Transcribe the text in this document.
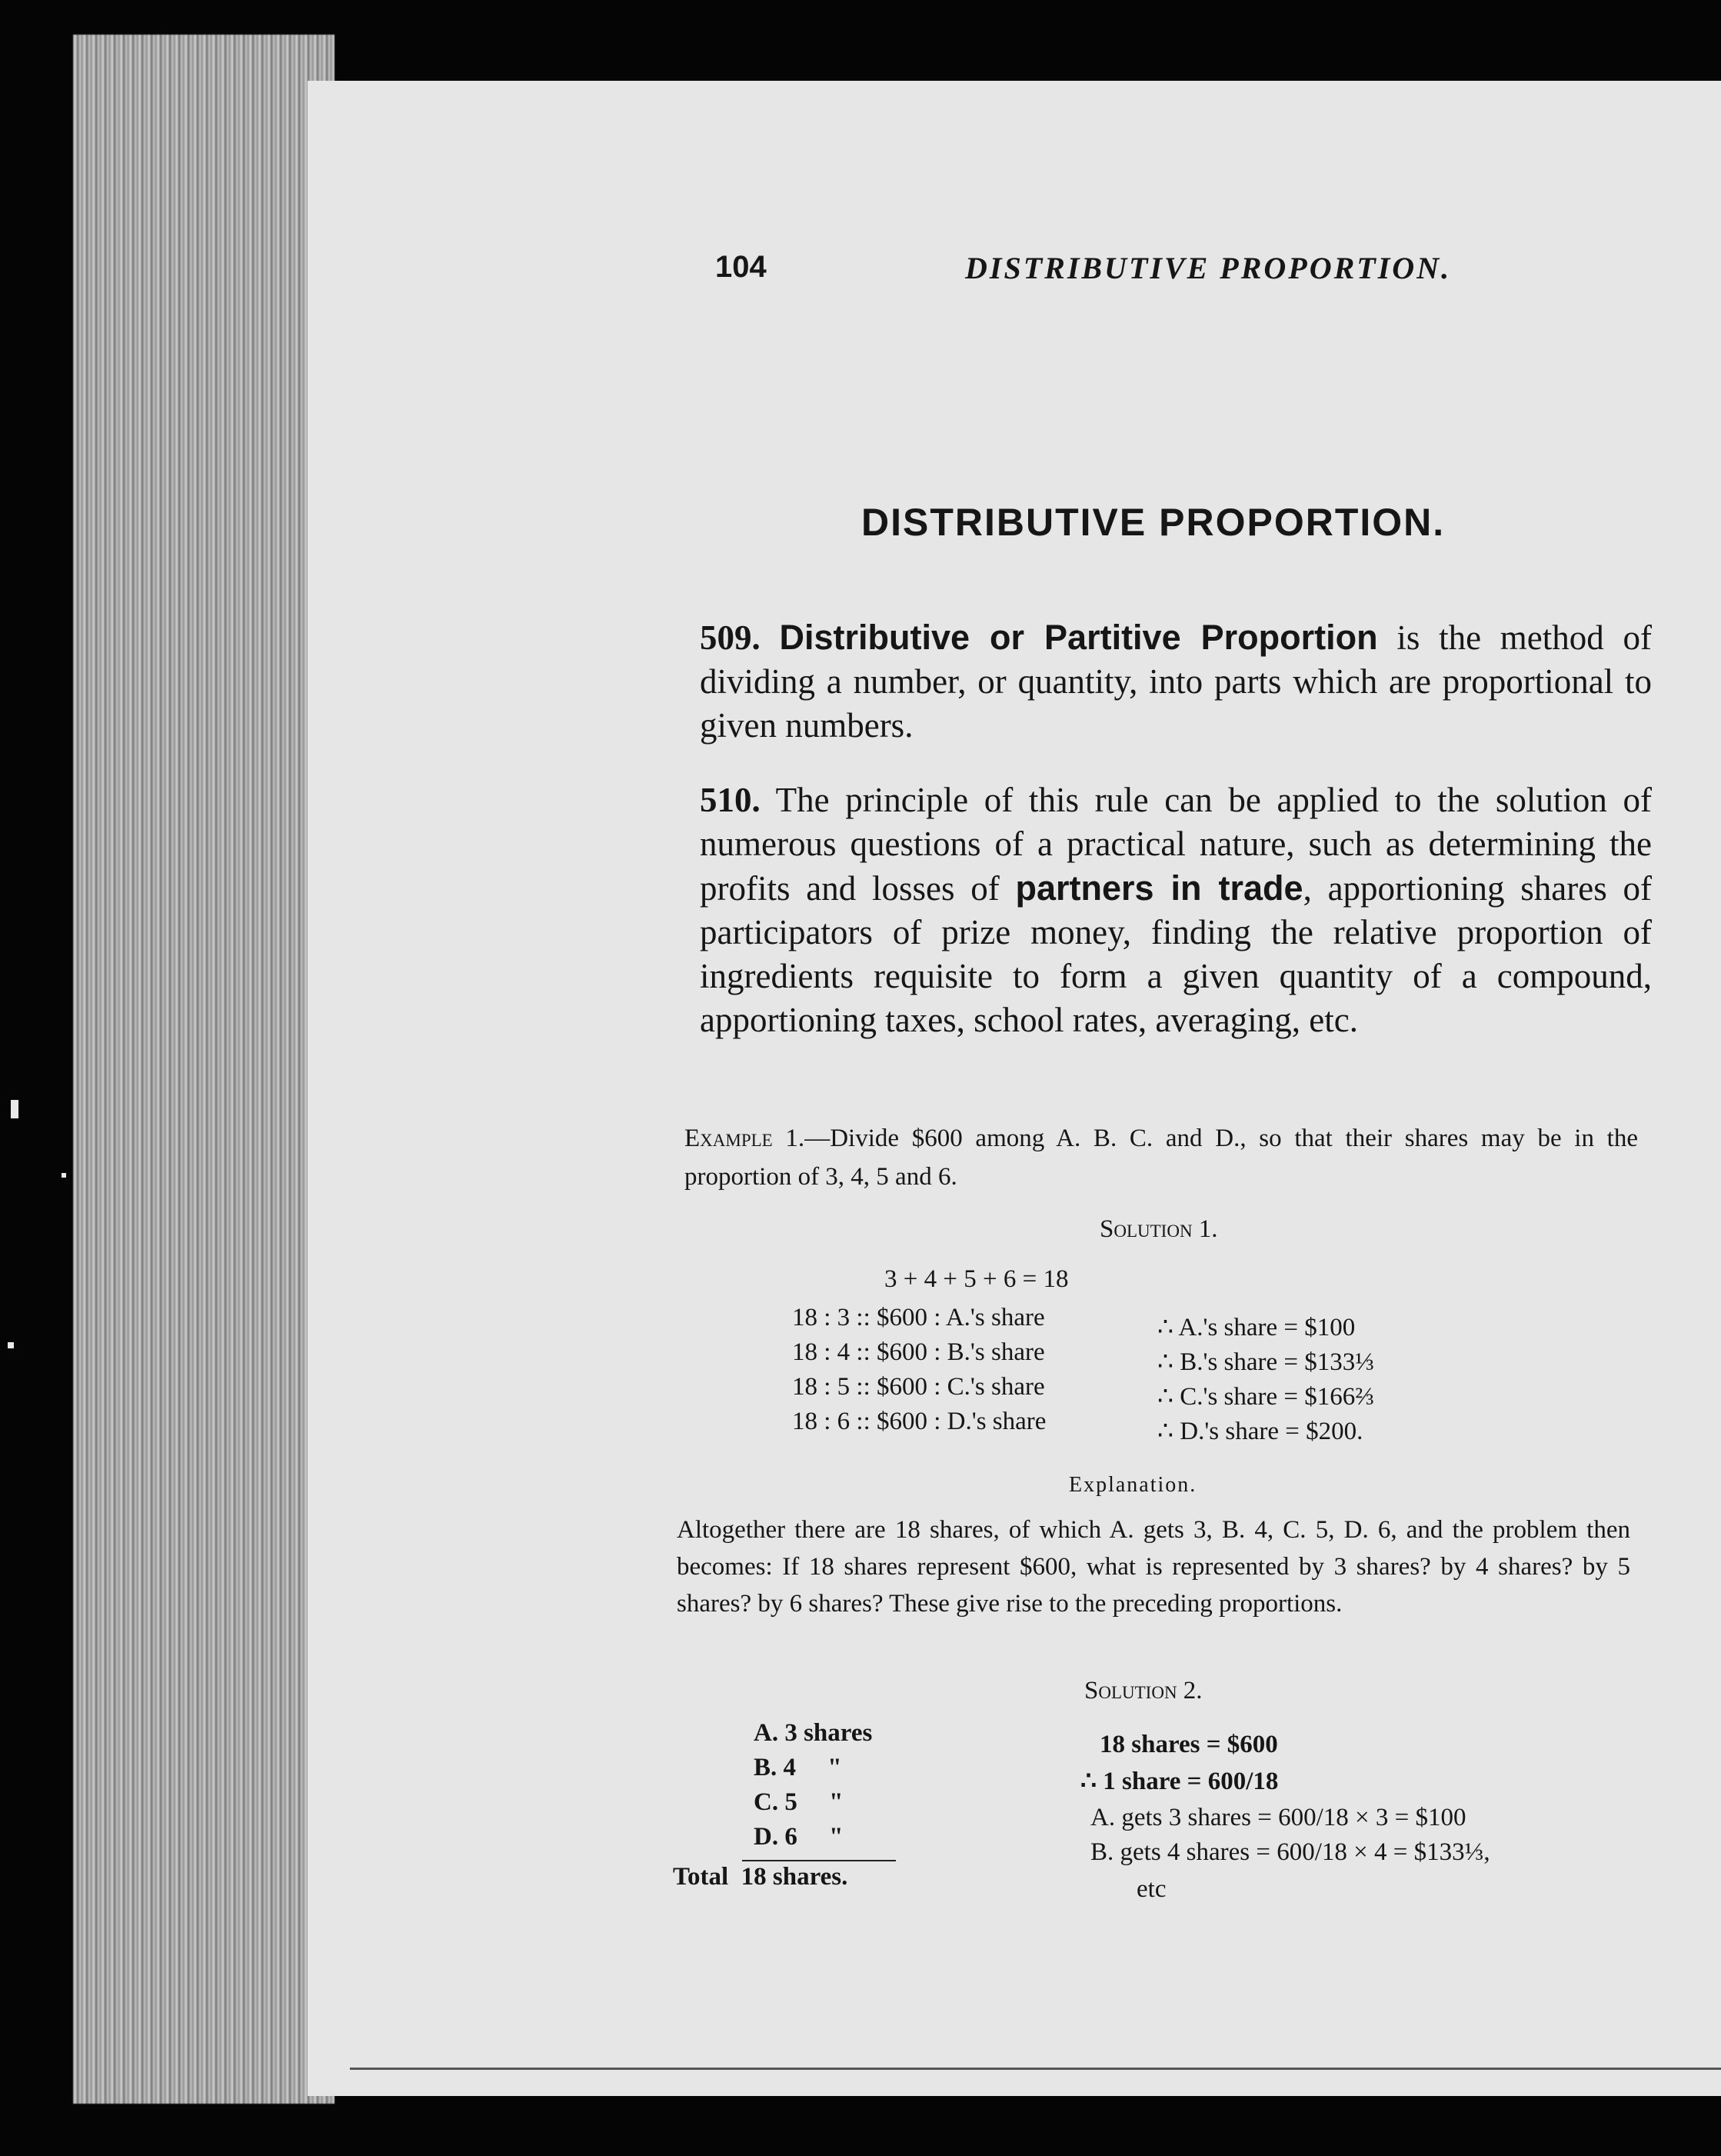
104	DISTRIBUTIVE PROPORTION.
DISTRIBUTIVE PROPORTION.
509. Distributive or Partitive Proportion is the method of dividing a number, or quantity, into parts which are proportional to given numbers.
510. The principle of this rule can be applied to the solution of numerous questions of a practical nature, such as determining the profits and losses of partners in trade, apportioning shares of participators of prize money, finding the relative proportion of ingredients requisite to form a given quantity of a compound, apportioning taxes, school rates, averaging, etc.
Example 1.—Divide $600 among A. B. C. and D., so that their shares may be in the proportion of 3, 4, 5 and 6.
Solution 1.
3 + 4 + 5 + 6 = 18
18 : 3 :: $600 : A.'s share	∴ A.'s share = $100
18 : 4 :: $600 : B.'s share	∴ B.'s share = $133⅓
18 : 5 :: $600 : C.'s share	∴ C.'s share = $166⅔
18 : 6 :: $600 : D.'s share	∴ D.'s share = $200.
Explanation.
Altogether there are 18 shares, of which A. gets 3, B. 4, C. 5, D. 6, and the problem then becomes: If 18 shares represent $600, what is represented by 3 shares? by 4 shares? by 5 shares? by 6 shares? These give rise to the preceding proportions.
Solution 2.
A. 3 shares
B. 4     "
C. 5     "
D. 6     "
Total  18 shares.
18 shares = $600
∴ 1 share = 600/18
A. gets 3 shares = 600/18 × 3 = $100
B. gets 4 shares = 600/18 × 4 = $133⅓,
etc
